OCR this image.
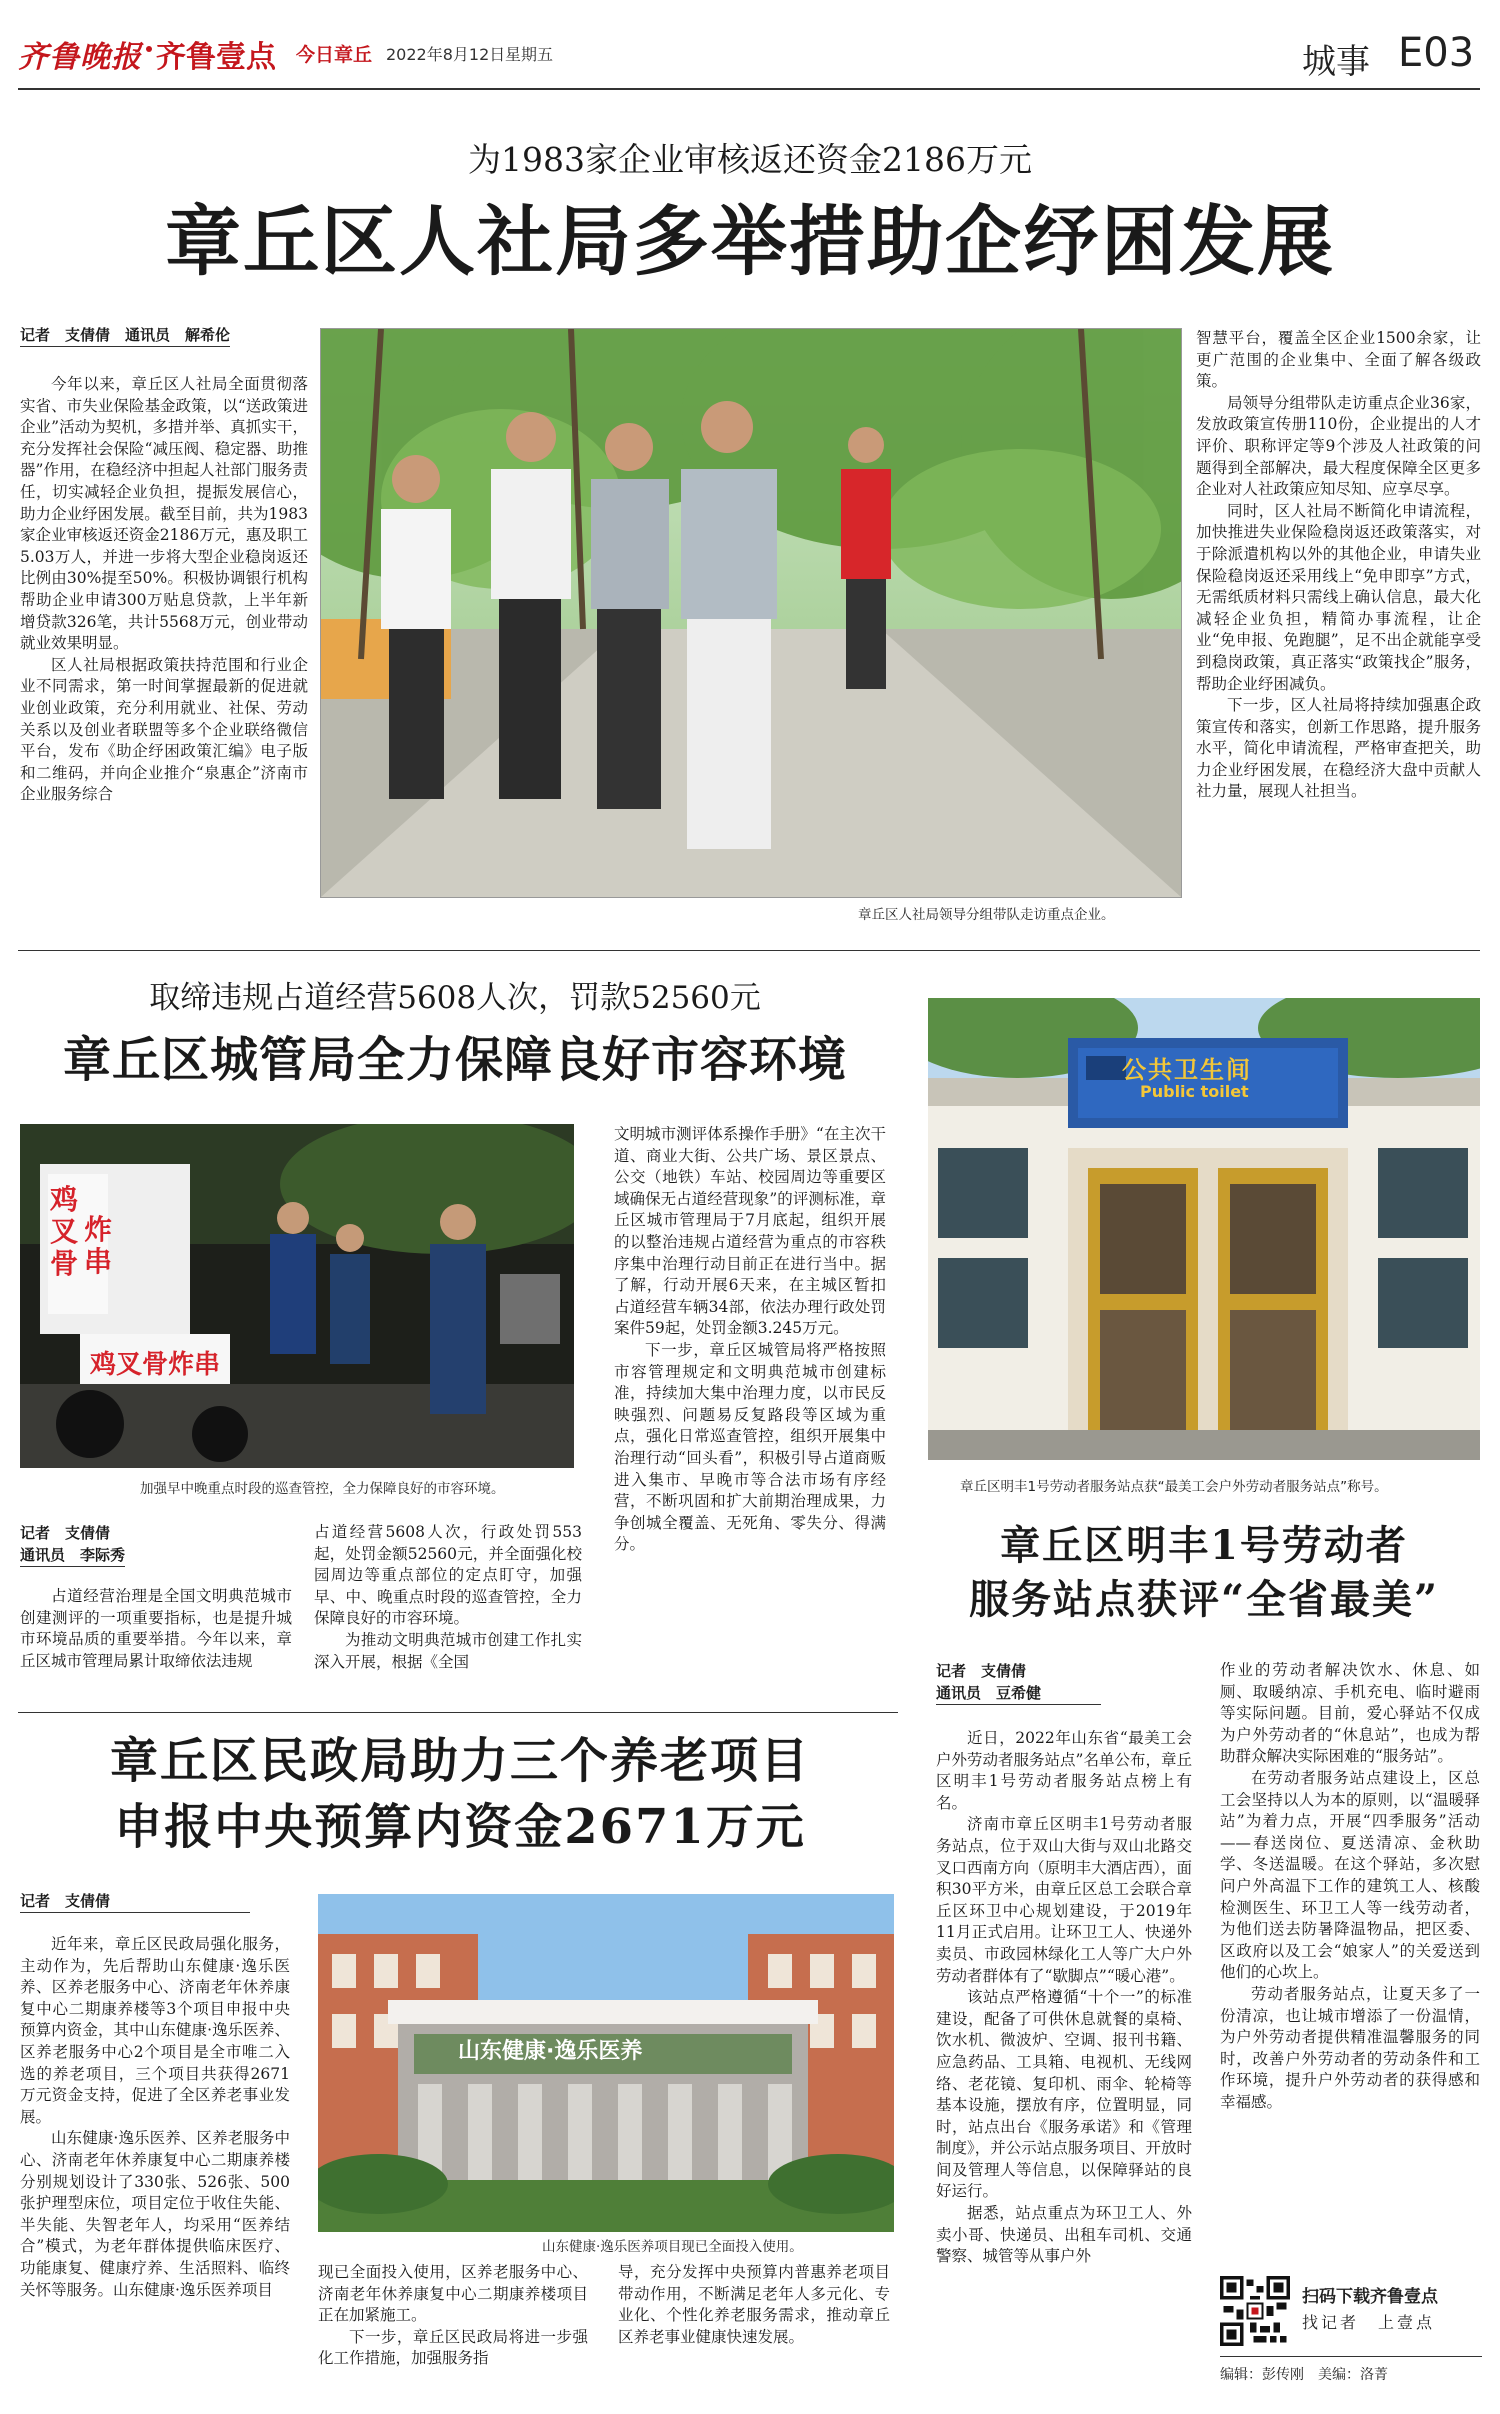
齐鲁晚报 齐鲁壹点 今日章丘 2022年8月12日 星期五	城事 E03
为1983家企业审核返还资金2186万元
章丘区人社局多举措助企纾困发展
记者　支倩倩　通讯员　解希伦

今年以来，章丘区人社局全面贯彻落实省、市失业保险基金政策，以“送政策进企业”活动为契机，多措并举、真抓实干，充分发挥社会保险“减压阀、稳定器、助推器”作用，在稳经济中担起人社部门服务责任，切实减轻企业负担，提振发展信心，助力企业纾困发展。截至目前，共为1983家企业审核返还资金2186万元，惠及职工5.03万人，并进一步将大型企业稳岗返还比例由30%提至50%。积极协调银行机构帮助企业申请300万贴息贷款，上半年新增贷款326笔，共计5568万元，创业带动就业效果明显。

区人社局根据政策扶持范围和行业企业不同需求，第一时间掌握最新的促进就业创业政策，充分利用就业、社保、劳动关系以及创业者联盟等多个企业联络微信平台，发布《助企纾困政策汇编》电子版和二维码，并向企业推介“泉惠企”济南市企业服务综合

章丘区人社局领导分组带队走访重点企业。

智慧平台，覆盖全区企业1500余家，让更广范围的企业集中、全面了解各级政策。

局领导分组带队走访重点企业36家，发放政策宣传册110份，企业提出的人才评价、职称评定等9个涉及人社政策的问题得到全部解决，最大程度保障全区更多企业对人社政策应知尽知、应享尽享。

同时，区人社局不断简化申请流程，加快推进失业保险稳岗返还政策落实，对于除派遣机构以外的其他企业，申请失业保险稳岗返还采用线上“免申即享”方式，无需纸质材料只需线上确认信息，最大化减轻企业负担，精简办事流程，让企业“免申报、免跑腿”，足不出企就能享受到稳岗政策，真正落实“政策找企”服务，帮助企业纾困减负。

下一步，区人社局将持续加强惠企政策宣传和落实，创新工作思路，提升服务水平，简化申请流程，严格审查把关，助力企业纾困发展，在稳经济大盘中贡献人社力量，展现人社担当。

取缔违规占道经营5608人次，罚款52560元
章丘区城管局全力保障良好市容环境
鸡叉骨
炸串
鸡叉骨炸串
加强早中晚重点时段的巡查管控，全力保障良好的市容环境。
记者　支倩倩
通讯员　李际秀

占道经营治理是全国文明典范城市创建测评的一项重要指标，也是提升城市环境品质的重要举措。今年以来，章丘区城市管理局累计取缔依法违规

占道经营5608人次，行政处罚553起，处罚金额52560元，并全面强化校园周边等重点部位的定点盯守，加强早、中、晚重点时段的巡查管控，全力保障良好的市容环境。

为推动文明典范城市创建工作扎实深入开展，根据《全国

文明城市测评体系操作手册》“在主次干道、商业大街、公共广场、景区景点、公交（地铁）车站、校园周边等重要区域确保无占道经营现象”的评测标准，章丘区城市管理局于7月底起，组织开展的以整治违规占道经营为重点的市容秩序集中治理行动目前正在进行当中。据了解，行动开展6天来，在主城区暂扣占道经营车辆34部，依法办理行政处罚案件59起，处罚金额3.245万元。

下一步，章丘区城管局将严格按照市容管理规定和文明典范城市创建标准，持续加大集中治理力度，以市民反映强烈、问题易反复路段等区域为重点，强化日常巡查管控，组织开展集中治理行动“回头看”，积极引导占道商贩进入集市、早晚市等合法市场有序经营，不断巩固和扩大前期治理成果，力争创城全覆盖、无死角、零失分、得满分。

公共卫生间
Public toilet
章丘区明丰1号劳动者服务站点获“最美工会户外劳动者服务站点”称号。
章丘区明丰1号劳动者
服务站点获评“全省最美”
记者　支倩倩
通讯员　豆希健

近日，2022年山东省“最美工会户外劳动者服务站点”名单公布，章丘区明丰1号劳动者服务站点榜上有名。

济南市章丘区明丰1号劳动者服务站点，位于双山大街与双山北路交叉口西南方向（原明丰大酒店西），面积30平方米，由章丘区总工会联合章丘区环卫中心规划建设，于2019年11月正式启用。让环卫工人、快递外卖员、市政园林绿化工人等广大户外劳动者群体有了“歇脚点”“暖心港”。

该站点严格遵循“十个一”的标准建设，配备了可供休息就餐的桌椅、饮水机、微波炉、空调、报刊书籍、应急药品、工具箱、电视机、无线网络、老花镜、复印机、雨伞、轮椅等基本设施，摆放有序，位置明显，同时，站点出台《服务承诺》和《管理制度》，并公示站点服务项目、开放时间及管理人等信息，以保障驿站的良好运行。

据悉，站点重点为环卫工人、外卖小哥、快递员、出租车司机、交通警察、城管等从事户外

作业的劳动者解决饮水、休息、如厕、取暖纳凉、手机充电、临时避雨等实际问题。目前，爱心驿站不仅成为户外劳动者的“休息站”，也成为帮助群众解决实际困难的“服务站”。

在劳动者服务站点建设上，区总工会坚持以人为本的原则，以“温暖驿站”为着力点，开展“四季服务”活动——春送岗位、夏送清凉、金秋助学、冬送温暖。在这个驿站，多次慰问户外高温下工作的建筑工人、核酸检测医生、环卫工人等一线劳动者，为他们送去防暑降温物品，把区委、区政府以及工会“娘家人”的关爱送到他们的心坎上。

劳动者服务站点，让夏天多了一份清凉，也让城市增添了一份温情，为户外劳动者提供精准温馨服务的同时，改善户外劳动者的劳动条件和工作环境，提升户外劳动者的获得感和幸福感。

章丘区民政局助力三个养老项目
申报中央预算内资金2671万元
记者　支倩倩

近年来，章丘区民政局强化服务，主动作为，先后帮助山东健康·逸乐医养、区养老服务中心、济南老年休养康复中心二期康养楼等3个项目申报中央预算内资金，其中山东健康·逸乐医养、区养老服务中心2个项目是全市唯二入选的养老项目，三个项目共获得2671万元资金支持，促进了全区养老事业发展。

山东健康·逸乐医养、区养老服务中心、济南老年休养康复中心二期康养楼分别规划设计了330张、526张、500张护理型床位，项目定位于收住失能、半失能、失智老年人，均采用“医养结合”模式，为老年群体提供临床医疗、功能康复、健康疗养、生活照料、临终关怀等服务。山东健康·逸乐医养项目

山东健康·逸乐医养
山东健康·逸乐医养项目现已全面投入使用。

现已全面投入使用，区养老服务中心、济南老年休养康复中心二期康养楼项目正在加紧施工。

下一步，章丘区民政局将进一步强化工作措施，加强服务指

导，充分发挥中央预算内普惠养老项目带动作用，不断满足老年人多元化、专业化、个性化养老服务需求，推动章丘区养老事业健康快速发展。

扫码下载齐鲁壹点
找记者　上壹点
编辑：彭传刚　美编：洛菁
